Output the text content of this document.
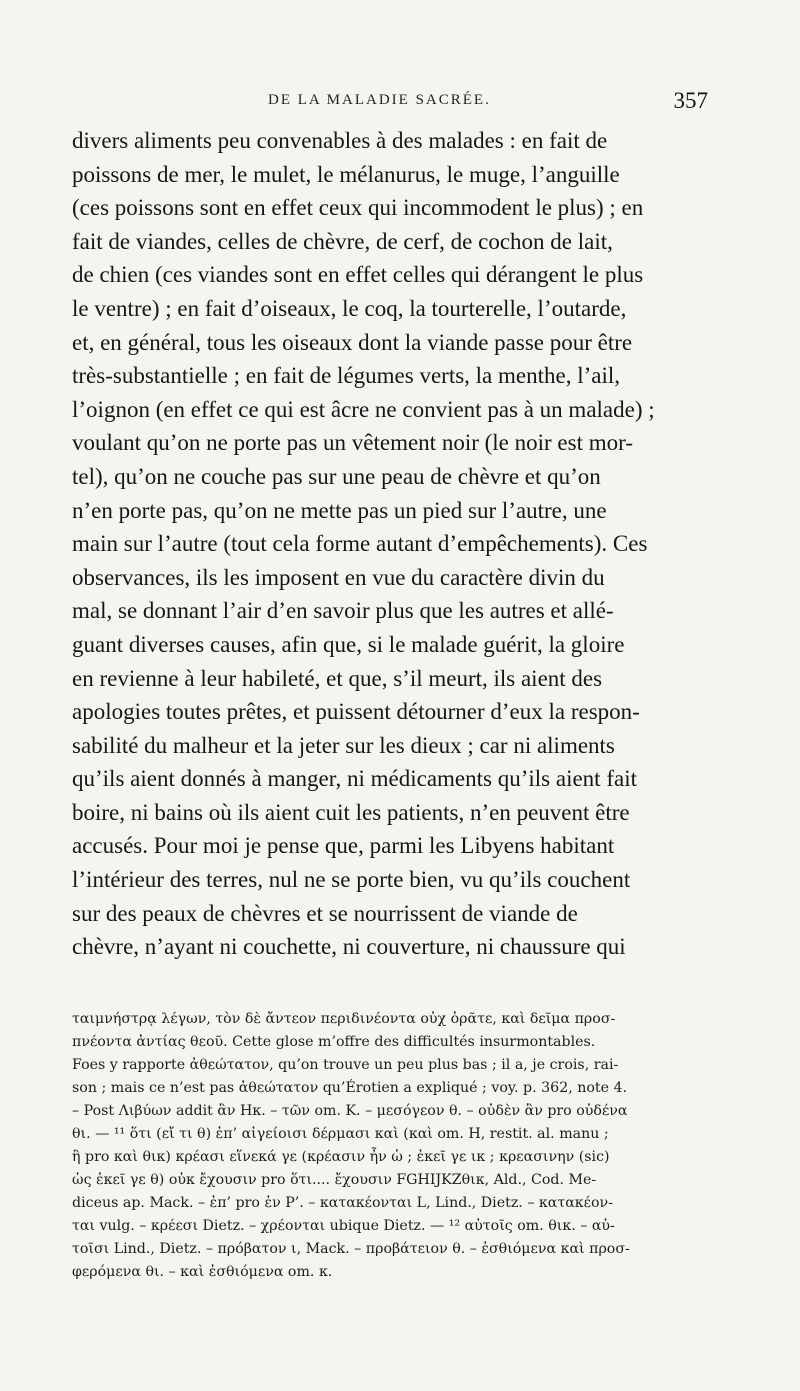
DE LA MALADIE SACRÉE.	357
divers aliments peu convenables à des malades : en fait de
poissons de mer, le mulet, le mélanurus, le muge, l’anguille
(ces poissons sont en effet ceux qui incommodent le plus) ; en
fait de viandes, celles de chèvre, de cerf, de cochon de lait,
de chien (ces viandes sont en effet celles qui dérangent le plus
le ventre) ; en fait d’oiseaux, le coq, la tourterelle, l’outarde,
et, en général, tous les oiseaux dont la viande passe pour être
très-substantielle ; en fait de légumes verts, la menthe, l’ail,
l’oignon (en effet ce qui est âcre ne convient pas à un malade) ;
voulant qu’on ne porte pas un vêtement noir (le noir est mor-
tel), qu’on ne couche pas sur une peau de chèvre et qu’on
n’en porte pas, qu’on ne mette pas un pied sur l’autre, une
main sur l’autre (tout cela forme autant d’empêchements). Ces
observances, ils les imposent en vue du caractère divin du
mal, se donnant l’air d’en savoir plus que les autres et allé-
guant diverses causes, afin que, si le malade guérit, la gloire
en revienne à leur habileté, et que, s’il meurt, ils aient des
apologies toutes prêtes, et puissent détourner d’eux la respon-
sabilité du malheur et la jeter sur les dieux ; car ni aliments
qu’ils aient donnés à manger, ni médicaments qu’ils aient fait
boire, ni bains où ils aient cuit les patients, n’en peuvent être
accusés. Pour moi je pense que, parmi les Libyens habitant
l’intérieur des terres, nul ne se porte bien, vu qu’ils couchent
sur des peaux de chèvres et se nourrissent de viande de
chèvre, n’ayant ni couchette, ni couverture, ni chaussure qui
ταιμνήστρᾳ λέγων, τὸν δὲ ἄντεον περιδινέοντα οὐχ ὁρᾶτε, καὶ δεῖμα προσ-
πνέοντα ἀντίας θεοῦ. Cette glose m’offre des difficultés insurmontables.
Foes y rapporte ἀθεώτατον, qu’on trouve un peu plus bas ; il a, je crois, rai-
son ; mais ce n’est pas ἀθεώτατον qu’Érotien a expliqué ; voy. p. 362, note 4.
– Post Λιβύων addit ἂν Hκ. – τῶν om. K. – μεσόγεον θ. – οὐδὲν ἂν pro οὐδένα
θι. — ¹¹ ὅτι (εἴ τι θ) ἐπ’ αἰγείοισι δέρμασι καὶ (καὶ om. H, restit. al. manu ;
ἢ pro καὶ θικ) κρέασι εἵνεκά γε (κρέασιν ἦν ὡ ; ἐκεῖ γε ικ ; κρεασινην (sic)
ὡς ἐκεῖ γε θ) οὐκ ἔχουσιν pro ὅτι.... ἔχουσιν FGHIJKZθικ, Ald., Cod. Me-
diceus ap. Mack. – ἐπ’ pro ἐν P’. – κατακέονται L, Lind., Dietz. – κατακέον-
ται vulg. – κρέεσι Dietz. – χρέονται ubique Dietz. — ¹² αὐτοῖς om. θικ. – αὐ-
τοῖσι Lind., Dietz. – πρόβατον ι, Mack. – προβάτειον θ. – ἐσθιόμενα καὶ προσ-
φερόμενα θι. – καὶ ἐσθιόμενα om. κ.
